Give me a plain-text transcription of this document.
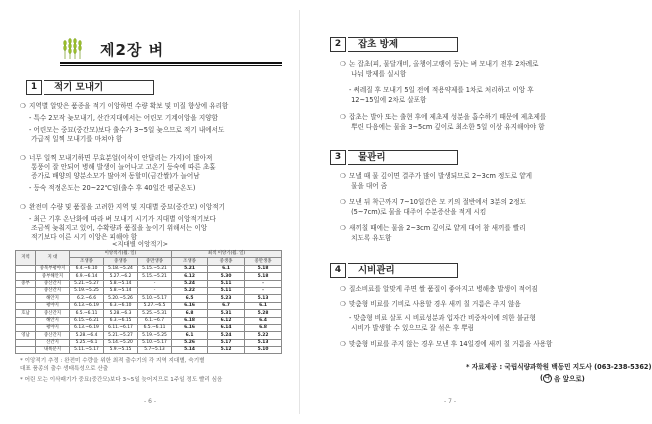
제2장 벼
1	적기 모내기
❍ 지역별 알맞은 품종을 적기 이앙하면 수량 확보 및 미질 향상에 유리함
- 특수 2모작 늦모내기, 산간지대에서는 어린모 기계이앙을 지양함
- 어린모는 중묘(중간모)보다 출수가 3~5일 늦으므로 적기 내에서도
가급적 일찍 모내기를 마쳐야 함
❍ 너무 일찍 모내기하면 무효분얼(이삭이 안달리는 가지)이 많아져
통풍이 잘 안되어 병해 발생이 늘어나고 고온기 등숙에 따른 초홀
증가로 배양의 양분소모가 많아져 동할미(금간쌀)가 늘어남
- 등숙 적정온도는 20~22℃임(출수 후 40일간 평균온도)
❍ 완전미 수량 및 품질을 고려한 지역 및 지대별 중묘(중간모) 이앙적기
- 최근 기후 온난화에 따라 벼 모내기 시기가 지대별 이앙적기보다
조금씩 늦춰지고 있어, 수확량과 품질을 높이기 위해서는 이앙
적기보다 이른 시기 이앙은 피해야 함
<지대별 이앙적기>
지역	지 대	이앙적기(월. 일)			최적 이앙기(월. 일)		
		조생종	중생종	중만생종	조생종	중생종	중만생종
	중북부평야지	6.4.~6.10	5.18.~5.24	5.15.~5.21	5.21	6.1	5.18
	중부해안지	6.9.~6.14	5.27.~6.2	5.15.~5.21	6.12	5.30	5.18
중부	중산간지	5.21.~5.27	5.8.~5.14	-	5.24	5.11	-
	중산간지	5.19.~5.25	5.8.~5.14	-	5.22	5.11	-
	해안지	6.2.~6.6	5.20.~5.26	5.10.~5.17	6.5	5.23	5.13
	평야지	6.13.~6.19	6.3.~6.10	5.27.~6.5	6.16	6.7	6.1
호남	중산간지	6.5.~6.11	5.28.~6.3	5.25.~5.31	6.8	5.31	5.28
	해안지	6.15.~6.21	6.3.~6.15	6.1.~6.7	6.18	6.12	6.4
	평야지	6.13.~6.19	6.11.~6.17	6.5.~6.11	6.16	6.14	6.8
영남	중산간지	5.28.~6.4	5.21.~5.27	5.19.~5.25	6.1	5.24	5.22
	산간지	5.25.~6.1	5.14.~5.20	5.10.~5.17	5.26	5.17	5.13
	내륙분지	5.11.~5.17	5.9.~5.15	5.7~5.13	5.14	5.12	5.10
* 이앙적기 추정 : 완전미 수량을 위한 최적 출수기의 각 지역 지대별, 숙기별
대표 품종의 출수 생태특성으로 산출
* 어린 모는 이삭패기가 중묘(중간모)보다 3~5일 늦어지므로 1주일 정도 빨리 심음
- 6 -
2	잡초 방제
❍ 논 잡초(피, 물달개비, 올챙이고랭이 등)는 벼 모내기 전후 2차례로
나눠 방제를 실시함
- 써레질 후 모내기 5일 전에 적용약제를 1차로 처리하고 이앙 후
12~15일에 2차로 살포함
❍ 잡초는 발아 또는 출현 후에 제초제 성분을 흡수하기 때문에 제초제를
뿌린 다음에는 물을 3~5cm 깊이로 최소한 5일 이상 유지해야야 함
3	물관리
❍ 모낼 때 물 깊이면 결주가 많이 발생되므로 2~3cm 정도로 얕게
물을 대어 줌
❍ 모낸 뒤 착근까지 7~10일간은 모 키의 절반에서 3분의 2정도
(5~7cm)로 물을 대주어 수분증산을 적게 시킴
❍ 새끼칠 때에는 물을 2~3cm 깊이로 얕게 대어 참 새끼를 빨리
치도록 유도함
4	시비관리
❍ 질소비료를 알맞게 주면 쌀 품질이 좋아지고 병해충 발생이 적어짐
❍ 맞춤형 비료를 기비로 사용할 경우 새끼 칠 거름은 주지 않음
- 맞춤형 비료 살포 시 비료성분과 입자간 비중차이에 의한 불균형
시비가 발생할 수 있으므로 잘 섞은 후 뿌림
❍ 맞춤형 비료를 주지 않는 경우 모낸 후 14일경에 새끼 칠 거름을 사용함
* 자료제공 : 국립식량과학원 백동민 지도사 (063-238-5362)
( 다 음 앞으로)
- 7 -
